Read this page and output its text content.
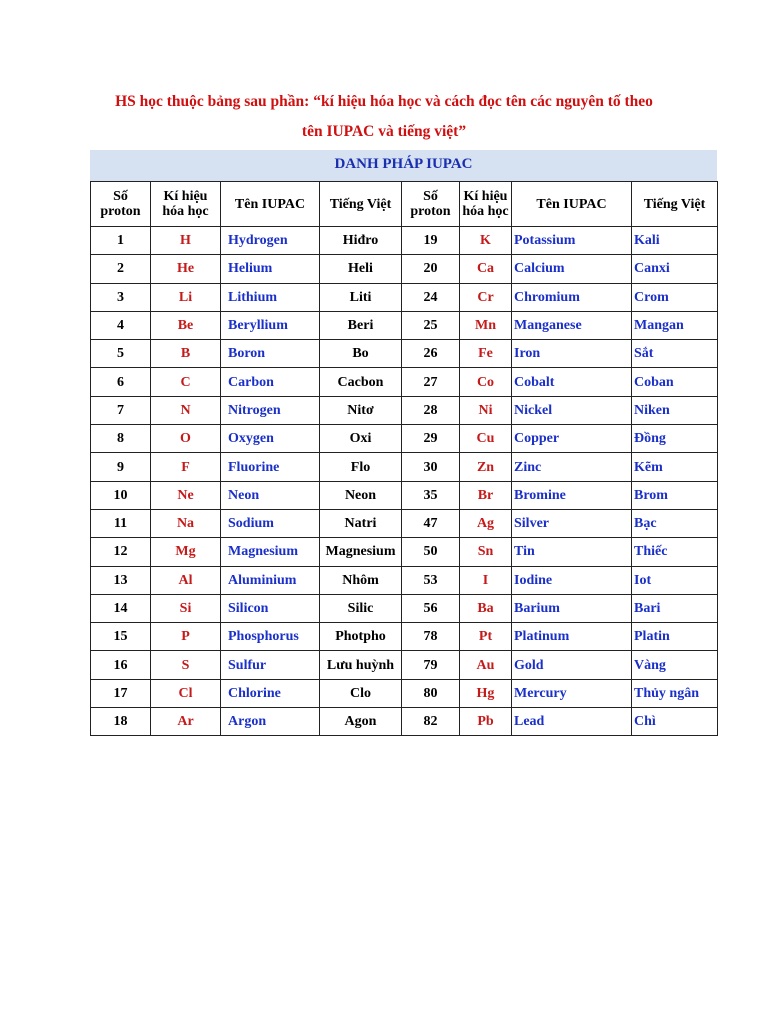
HS học thuộc bảng sau phần: “kí hiệu hóa học và cách đọc tên các nguyên tố theo
tên IUPAC và tiếng việt”
DANH PHÁP IUPAC
Số proton	Kí hiệu hóa học	Tên IUPAC	Tiếng Việt	Số proton	Kí hiệu hóa học	Tên IUPAC	Tiếng Việt
1	H	Hydrogen	Hiđro	19	K	Potassium	Kali
2	He	Helium	Heli	20	Ca	Calcium	Canxi
3	Li	Lithium	Liti	24	Cr	Chromium	Crom
4	Be	Beryllium	Beri	25	Mn	Manganese	Mangan
5	B	Boron	Bo	26	Fe	Iron	Sắt
6	C	Carbon	Cacbon	27	Co	Cobalt	Coban
7	N	Nitrogen	Nitơ	28	Ni	Nickel	Niken
8	O	Oxygen	Oxi	29	Cu	Copper	Đồng
9	F	Fluorine	Flo	30	Zn	Zinc	Kẽm
10	Ne	Neon	Neon	35	Br	Bromine	Brom
11	Na	Sodium	Natri	47	Ag	Silver	Bạc
12	Mg	Magnesium	Magnesium	50	Sn	Tin	Thiếc
13	Al	Aluminium	Nhôm	53	I	Iodine	Iot
14	Si	Silicon	Silic	56	Ba	Barium	Bari
15	P	Phosphorus	Photpho	78	Pt	Platinum	Platin
16	S	Sulfur	Lưu huỳnh	79	Au	Gold	Vàng
17	Cl	Chlorine	Clo	80	Hg	Mercury	Thủy ngân
18	Ar	Argon	Agon	82	Pb	Lead	Chì
